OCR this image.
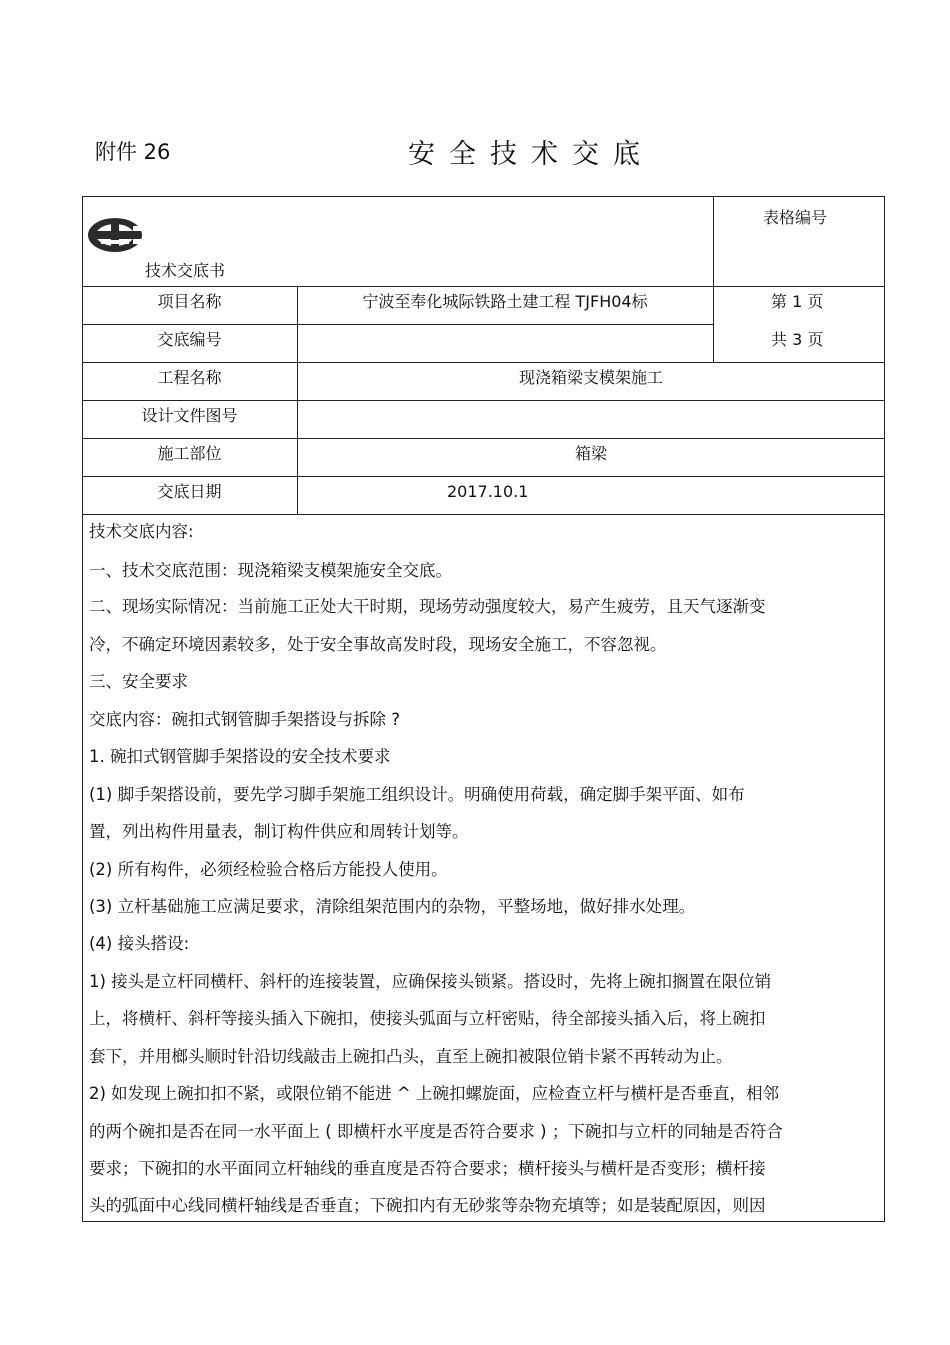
附件 26	安全技术交底
技术交底书
表格编号
第 1 页
共 3 页
项目名称
交底编号
工程名称
设计文件图号
施工部位
交底日期
宁波至奉化城际铁路土建工程 TJFH04标
现浇箱梁支模架施工
箱梁
2017.10.1
技术交底内容:
一、技术交底范围：现浇箱梁支模架施安全交底。
二、现场实际情况：当前施工正处大干时期，现场劳动强度较大，易产生疲劳，且天气逐渐变
冷，不确定环境因素较多，处于安全事故高发时段，现场安全施工，不容忽视。
三、安全要求
交底内容：碗扣式钢管脚手架搭设与拆除 ?
1. 碗扣式钢管脚手架搭设的安全技术要求
(1) 脚手架搭设前，要先学习脚手架施工组织设计。明确使用荷载，确定脚手架平面、如布
置，列出构件用量表，制订构件供应和周转计划等。
(2) 所有构件，必须经检验合格后方能投人使用。
(3) 立杆基础施工应满足要求，清除组架范围内的杂物，平整场地，做好排水处理。
(4) 接头搭设:
1) 接头是立杆同横杆、斜杆的连接装置，应确保接头锁紧。搭设时，先将上碗扣搁置在限位销
上，将横杆、斜杆等接头插入下碗扣，使接头弧面与立杆密贴，待全部接头插入后，将上碗扣
套下，并用榔头顺时针沿切线敲击上碗扣凸头，直至上碗扣被限位销卡紧不再转动为止。
2) 如发现上碗扣扣不紧，或限位销不能进 ^ 上碗扣螺旋面，应检查立杆与横杆是否垂直，相邻
的两个碗扣是否在同一水平面上 ( 即横杆水平度是否符合要求 ) ；下碗扣与立杆的同轴是否符合
要求；下碗扣的水平面同立杆轴线的垂直度是否符合要求；横杆接头与横杆是否变形；横杆接
头的弧面中心线同横杆轴线是否垂直；下碗扣内有无砂浆等杂物充填等；如是装配原因，则因
